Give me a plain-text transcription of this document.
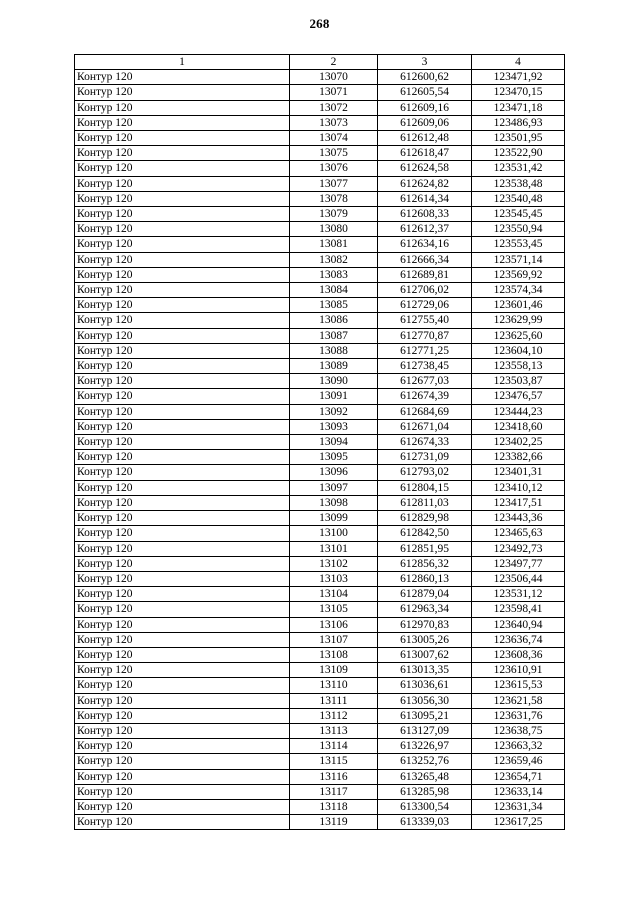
268
1	2	3	4
Контур 120	13070	612600,62	123471,92
Контур 120	13071	612605,54	123470,15
Контур 120	13072	612609,16	123471,18
Контур 120	13073	612609,06	123486,93
Контур 120	13074	612612,48	123501,95
Контур 120	13075	612618,47	123522,90
Контур 120	13076	612624,58	123531,42
Контур 120	13077	612624,82	123538,48
Контур 120	13078	612614,34	123540,48
Контур 120	13079	612608,33	123545,45
Контур 120	13080	612612,37	123550,94
Контур 120	13081	612634,16	123553,45
Контур 120	13082	612666,34	123571,14
Контур 120	13083	612689,81	123569,92
Контур 120	13084	612706,02	123574,34
Контур 120	13085	612729,06	123601,46
Контур 120	13086	612755,40	123629,99
Контур 120	13087	612770,87	123625,60
Контур 120	13088	612771,25	123604,10
Контур 120	13089	612738,45	123558,13
Контур 120	13090	612677,03	123503,87
Контур 120	13091	612674,39	123476,57
Контур 120	13092	612684,69	123444,23
Контур 120	13093	612671,04	123418,60
Контур 120	13094	612674,33	123402,25
Контур 120	13095	612731,09	123382,66
Контур 120	13096	612793,02	123401,31
Контур 120	13097	612804,15	123410,12
Контур 120	13098	612811,03	123417,51
Контур 120	13099	612829,98	123443,36
Контур 120	13100	612842,50	123465,63
Контур 120	13101	612851,95	123492,73
Контур 120	13102	612856,32	123497,77
Контур 120	13103	612860,13	123506,44
Контур 120	13104	612879,04	123531,12
Контур 120	13105	612963,34	123598,41
Контур 120	13106	612970,83	123640,94
Контур 120	13107	613005,26	123636,74
Контур 120	13108	613007,62	123608,36
Контур 120	13109	613013,35	123610,91
Контур 120	13110	613036,61	123615,53
Контур 120	13111	613056,30	123621,58
Контур 120	13112	613095,21	123631,76
Контур 120	13113	613127,09	123638,75
Контур 120	13114	613226,97	123663,32
Контур 120	13115	613252,76	123659,46
Контур 120	13116	613265,48	123654,71
Контур 120	13117	613285,98	123633,14
Контур 120	13118	613300,54	123631,34
Контур 120	13119	613339,03	123617,25
